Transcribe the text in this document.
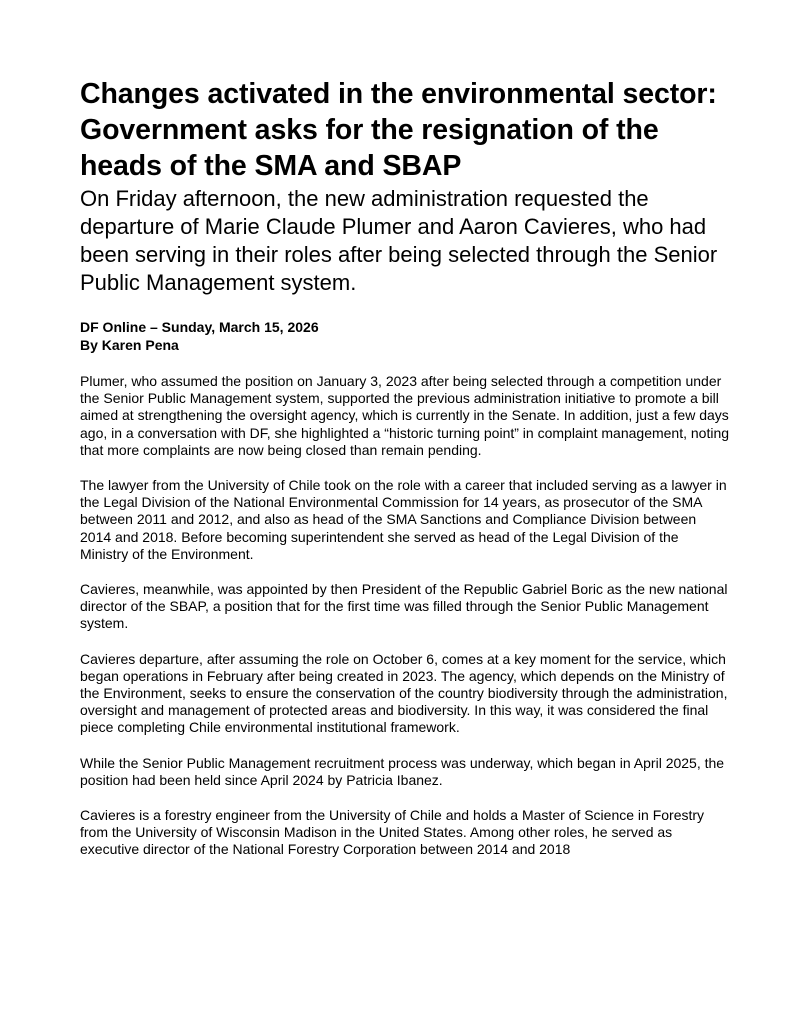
Changes activated in the environmental sector: Government asks for the resignation of the heads of the SMA and SBAP

On Friday afternoon, the new administration requested the departure of Marie Claude Plumer and Aaron Cavieres, who had been serving in their roles after being selected through the Senior Public Management system.

DF Online – Sunday, March 15, 2026
By Karen Pena

Plumer, who assumed the position on January 3, 2023 after being selected through a competition under the Senior Public Management system, supported the previous administration initiative to promote a bill aimed at strengthening the oversight agency, which is currently in the Senate. In addition, just a few days ago, in a conversation with DF, she highlighted a “historic turning point” in complaint management, noting that more complaints are now being closed than remain pending.

The lawyer from the University of Chile took on the role with a career that included serving as a lawyer in the Legal Division of the National Environmental Commission for 14 years, as prosecutor of the SMA between 2011 and 2012, and also as head of the SMA Sanctions and Compliance Division between 2014 and 2018. Before becoming superintendent she served as head of the Legal Division of the Ministry of the Environment.

Cavieres, meanwhile, was appointed by then President of the Republic Gabriel Boric as the new national director of the SBAP, a position that for the first time was filled through the Senior Public Management system.

Cavieres departure, after assuming the role on October 6, comes at a key moment for the service, which began operations in February after being created in 2023. The agency, which depends on the Ministry of the Environment, seeks to ensure the conservation of the country biodiversity through the administration, oversight and management of protected areas and biodiversity. In this way, it was considered the final piece completing Chile environmental institutional framework.

While the Senior Public Management recruitment process was underway, which began in April 2025, the position had been held since April 2024 by Patricia Ibanez.

Cavieres is a forestry engineer from the University of Chile and holds a Master of Science in Forestry from the University of Wisconsin Madison in the United States. Among other roles, he served as executive director of the National Forestry Corporation between 2014 and 2018
